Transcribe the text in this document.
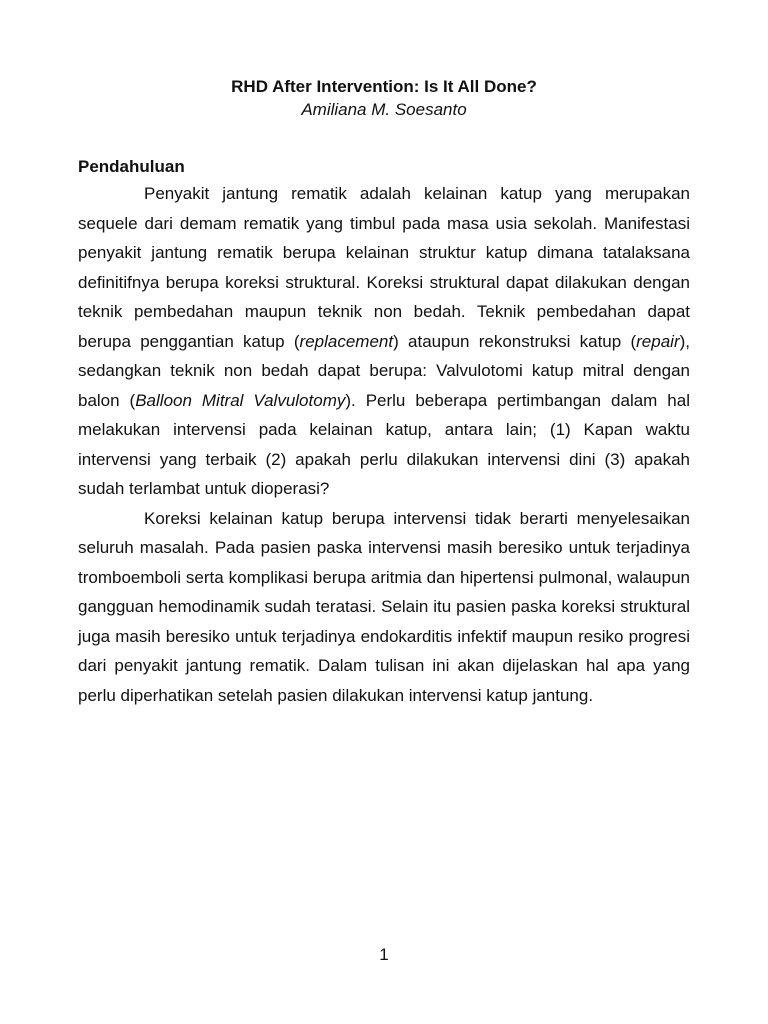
RHD After Intervention: Is It All Done?
Amiliana M. Soesanto
Pendahuluan

Penyakit jantung rematik adalah kelainan katup yang merupakan sequele dari demam rematik yang timbul pada masa usia sekolah. Manifestasi penyakit jantung rematik berupa kelainan struktur katup dimana tatalaksana definitifnya berupa koreksi struktural. Koreksi struktural dapat dilakukan dengan teknik pembedahan maupun teknik non bedah. Teknik pembedahan dapat berupa penggantian katup (replacement) ataupun rekonstruksi katup (repair), sedangkan teknik non bedah dapat berupa: Valvulotomi katup mitral dengan balon (Balloon Mitral Valvulotomy). Perlu beberapa pertimbangan dalam hal melakukan intervensi pada kelainan katup, antara lain; (1) Kapan waktu intervensi yang terbaik (2) apakah perlu dilakukan intervensi dini (3) apakah sudah terlambat untuk dioperasi?

Koreksi kelainan katup berupa intervensi tidak berarti menyelesaikan seluruh masalah. Pada pasien paska intervensi masih beresiko untuk terjadinya tromboemboli serta komplikasi berupa aritmia dan hipertensi pulmonal, walaupun gangguan hemodinamik sudah teratasi. Selain itu pasien paska koreksi struktural juga masih beresiko untuk terjadinya endokarditis infektif maupun resiko progresi dari penyakit jantung rematik. Dalam tulisan ini akan dijelaskan hal apa yang perlu diperhatikan setelah pasien dilakukan intervensi katup jantung.

1
